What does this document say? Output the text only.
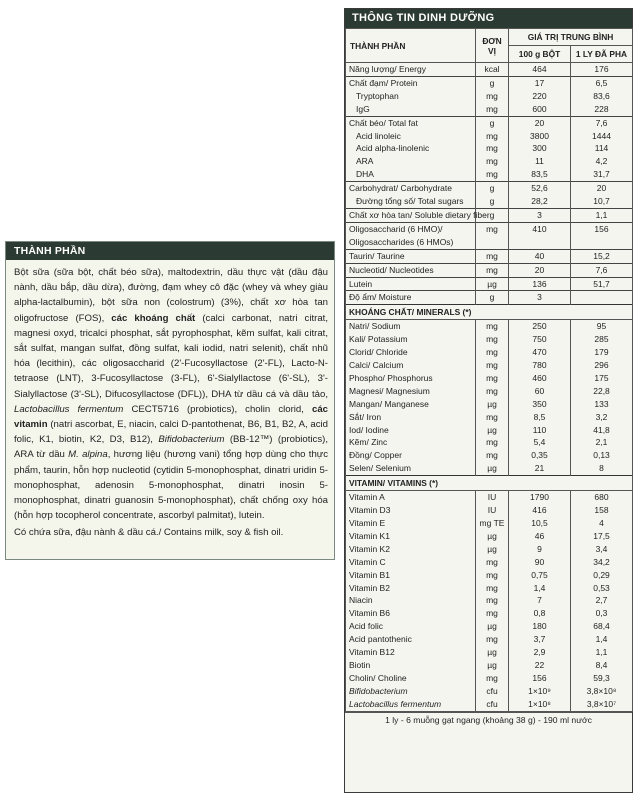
THÀNH PHẦN
Bột sữa (sữa bột, chất béo sữa), maltodextrin, dầu thực vật (dầu đậu nành, dầu bắp, dầu dừa), đường, đạm whey cô đặc (whey và whey giàu alpha-lactalbumin), bột sữa non (colostrum) (3%), chất xơ hòa tan oligofructose (FOS), các khoáng chất (calci carbonat, natri citrat, magnesi oxyd, tricalci phosphat, sắt pyrophosphat, kẽm sulfat, kali citrat, sắt sulfat, mangan sulfat, đồng sulfat, kali iodid, natri selenit), chất nhũ hóa (lecithin), các oligosaccharid (2'-Fucosyllactose (2'-FL), Lacto-N-tetraose (LNT), 3-Fucosyllactose (3-FL), 6'-Sialyllactose (6'-SL), 3'-Sialyllactose (3'-SL), Difucosyllactose (DFL)), DHA từ dầu cá và dầu tảo, Lactobacillus fermentum CECT5716 (probiotics), cholin clorid, các vitamin (natri ascorbat, E, niacin, calci D-pantothenat, B6, B1, B2, A, acid folic, K1, biotin, K2, D3, B12), Bifidobacterium (BB-12™) (probiotics), ARA từ dầu M. alpina, hương liệu (hương vani) tổng hợp dùng cho thực phẩm, taurin, hỗn hợp nucleotid (cytidin 5-monophosphat, dinatri uridin 5-monophosphat, adenosin 5-monophosphat, dinatri inosin 5-monophosphat, dinatri guanosin 5-monophosphat), chất chống oxy hóa (hỗn hợp tocopherol concentrate, ascorbyl palmitat), lutein.
Có chứa sữa, đậu nành & dầu cá./ Contains milk, soy & fish oil.
THÔNG TIN DINH DƯỠNG
THÀNH PHẦN	ĐƠN VỊ	GIÁ TRỊ TRUNG BÌNH	
		100 g BỘT	1 LY ĐÃ PHA
Năng lượng/ Energy	kcal	464	176
Chất đạm/ Protein	g	17	6,5
Tryptophan	mg	220	83,6
IgG	mg	600	228
Chất béo/ Total fat	g	20	7,6
Acid linoleic	mg	3800	1444
Acid alpha-linolenic	mg	300	114
ARA	mg	11	4,2
DHA	mg	83,5	31,7
Carbohydrat/ Carbohydrate	g	52,6	20
Đường tổng số/ Total sugars	g	28,2	10,7
Chất xơ hòa tan/ Soluble dietary fiber	g	3	1,1
Oligosaccharid (6 HMO)/ Oligosaccharides (6 HMOs)	mg	410	156
Taurin/ Taurine	mg	40	15,2
Nucleotid/ Nucleotides	mg	20	7,6
Lutein	µg	136	51,7
Độ ẩm/ Moisture	g	3	
KHOÁNG CHẤT/ MINERALS (*)			
Natri/ Sodium	mg	250	95
Kali/ Potassium	mg	750	285
Clorid/ Chloride	mg	470	179
Calci/ Calcium	mg	780	296
Phospho/ Phosphorus	mg	460	175
Magnesi/ Magnesium	mg	60	22,8
Mangan/ Manganese	µg	350	133
Sắt/ Iron	mg	8,5	3,2
Iod/ Iodine	µg	110	41,8
Kẽm/ Zinc	mg	5,4	2,1
Đồng/ Copper	mg	0,35	0,13
Selen/ Selenium	µg	21	8
VITAMIN/ VITAMINS (*)			
Vitamin A	IU	1790	680
Vitamin D3	IU	416	158
Vitamin E	mg TE	10,5	4
Vitamin K1	µg	46	17,5
Vitamin K2	µg	9	3,4
Vitamin C	mg	90	34,2
Vitamin B1	mg	0,75	0,29
Vitamin B2	mg	1,4	0,53
Niacin	mg	7	2,7
Vitamin B6	mg	0,8	0,3
Acid folic	µg	180	68,4
Acid pantothenic	mg	3,7	1,4
Vitamin B12	µg	2,9	1,1
Biotin	µg	22	8,4
Cholin/ Choline	mg	156	59,3
Bifidobacterium	cfu	1×10⁹	3,8×10⁸
Lactobacillus fermentum	cfu	1×10⁸	3,8×10⁷
1 ly - 6 muỗng gạt ngang (khoảng 38 g) - 190 ml nước
